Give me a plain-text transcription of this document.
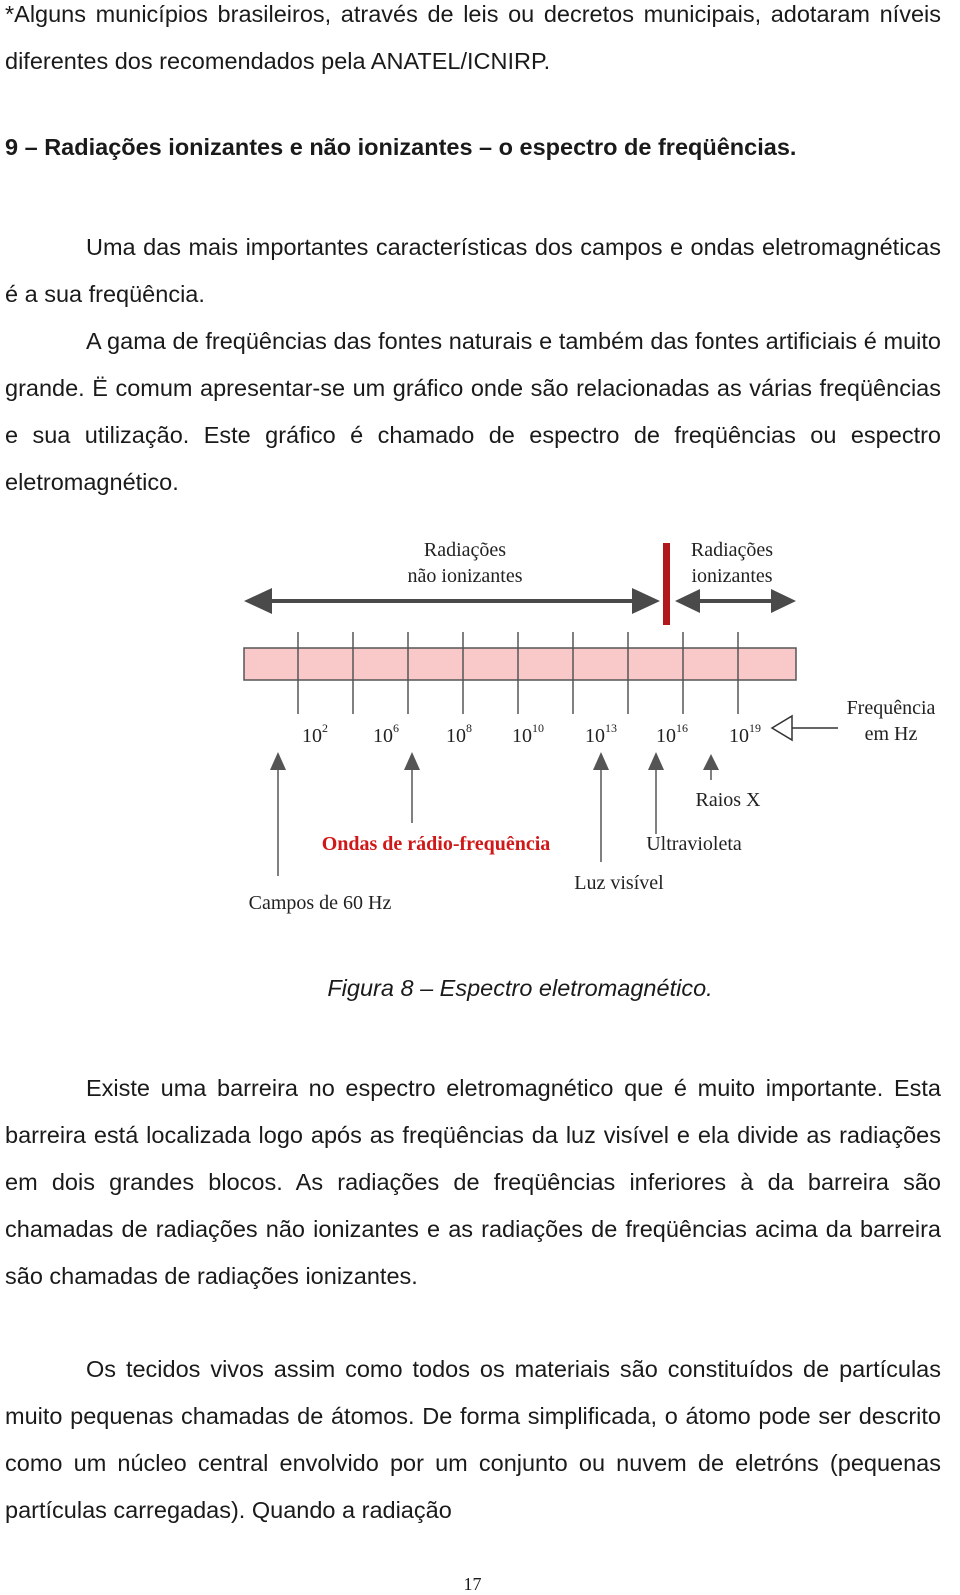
*Alguns municípios brasileiros, através de leis ou decretos municipais, adotaram níveis diferentes dos recomendados pela ANATEL/ICNIRP.

9 – Radiações ionizantes e não ionizantes – o espectro de freqüências.

Uma das mais importantes características dos campos e ondas eletromagnéticas é a sua freqüência.

A gama de freqüências das fontes naturais e também das fontes artificiais é muito grande. Ë comum apresentar-se um gráfico onde são relacionadas as várias freqüências e sua utilização. Este gráfico é chamado de espectro de freqüências ou espectro eletromagnético.

Radiações
não ionizantes
Radiações
ionizantes
$10^2$ $10^6$ $10^8$ $10^{10}$ $10^{13}$ $10^{16}$ $10^{19}$
Frequência
em Hz
Raios X
Ondas de rádio-frequência	Ultravioleta
Luz visível
Campos de 60 Hz

Figura 8 – Espectro eletromagnético.

Existe uma barreira no espectro eletromagnético que é muito importante. Esta barreira está localizada logo após as freqüências da luz visível e ela divide as radiações em dois grandes blocos. As radiações de freqüências inferiores à da barreira são chamadas de radiações não ionizantes e as radiações de freqüências acima da barreira são chamadas de radiações ionizantes.

Os tecidos vivos assim como todos os materiais são constituídos de partículas muito pequenas chamadas de átomos. De forma simplificada, o átomo pode ser descrito como um núcleo central envolvido por um conjunto ou nuvem de eletróns (pequenas partículas carregadas). Quando a radiação

17
